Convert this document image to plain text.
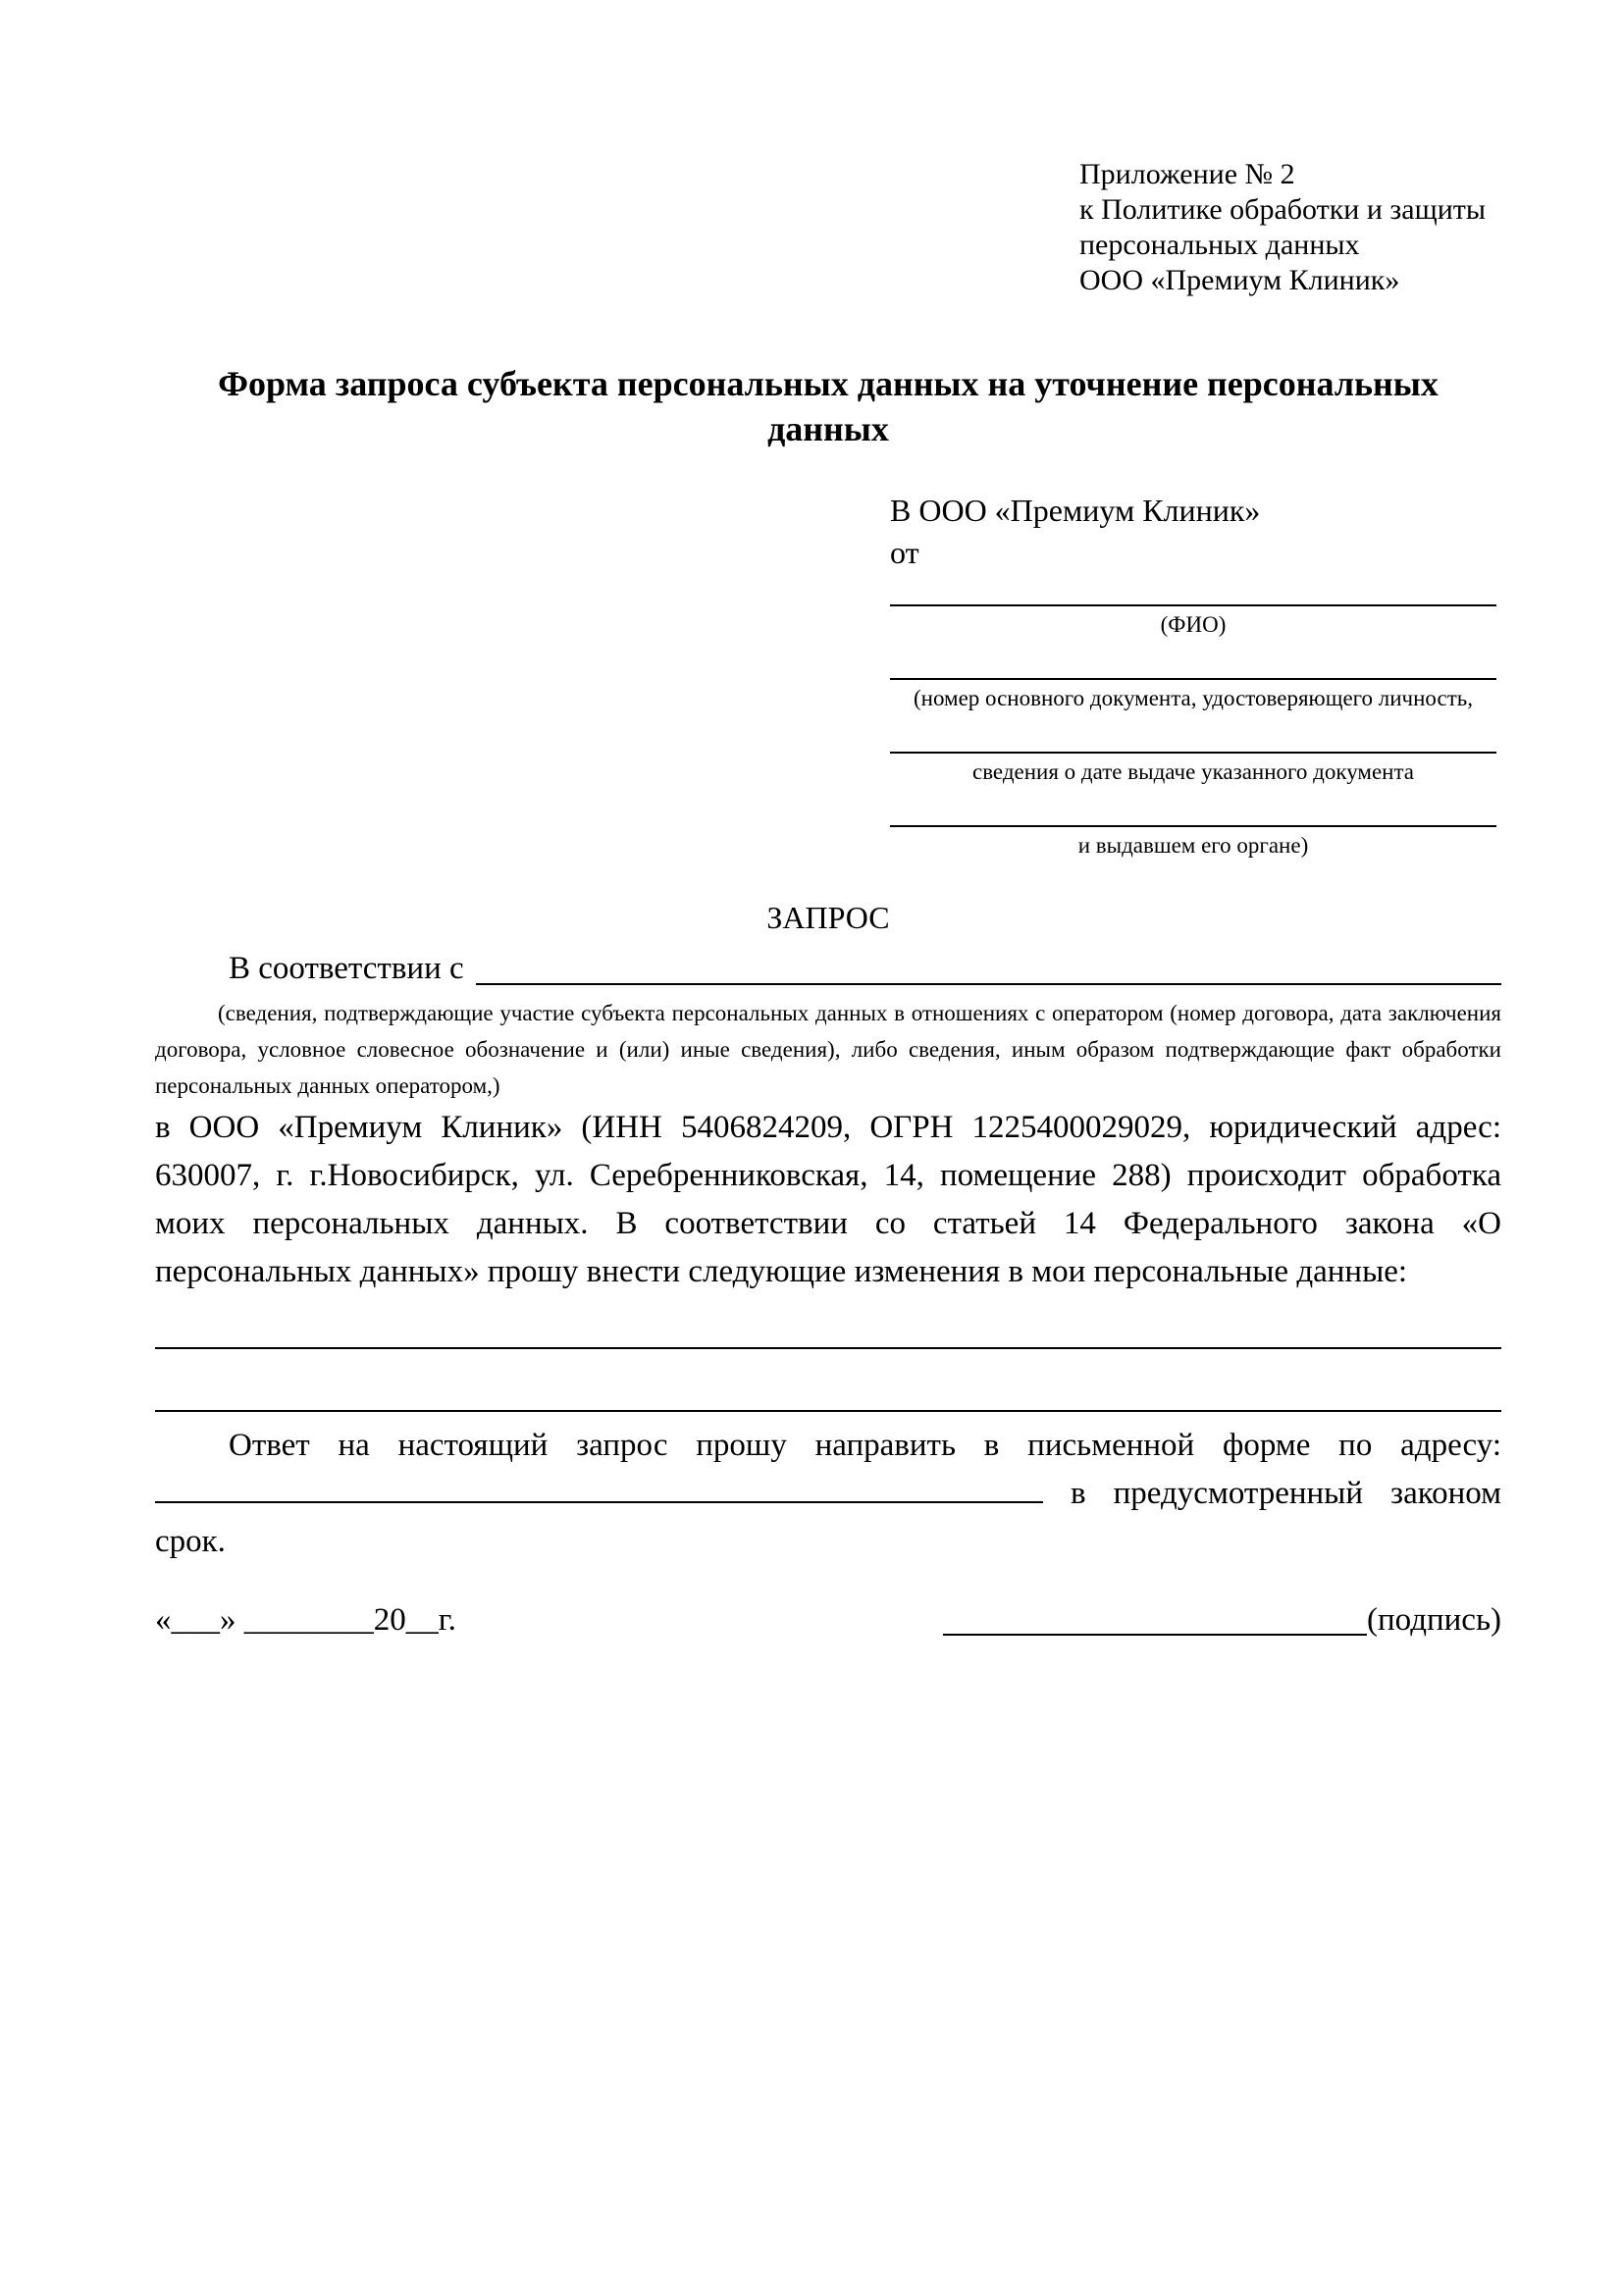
Приложение № 2
к Политике обработки и защиты
персональных данных
ООО «Премиум Клиник»
Форма запроса субъекта персональных данных на уточнение персональных данных
В ООО «Премиум Клиник»
от
(ФИО)
(номер основного документа, удостоверяющего личность,
сведения о дате выдаче указанного документа
и выдавшем его органе)
ЗАПРОС
В соответствии с
(сведения, подтверждающие участие субъекта персональных данных в отношениях с оператором (номер договора, дата заключения договора, условное словесное обозначение и (или) иные сведения), либо сведения, иным образом подтверждающие факт обработки персональных данных оператором,)
в ООО «Премиум Клиник» (ИНН 5406824209, ОГРН 1225400029029, юридический адрес: 630007, г. г.Новосибирск, ул. Серебренниковская, 14, помещение 288) происходит обработка моих персональных данных. В соответствии со статьей 14 Федерального закона «О персональных данных» прошу внести следующие изменения в мои персональные данные:
Ответ на настоящий запрос прошу направить в письменной форме по адресу:  в предусмотренный законом срок.
«___» ________20__г.	(подпись)
